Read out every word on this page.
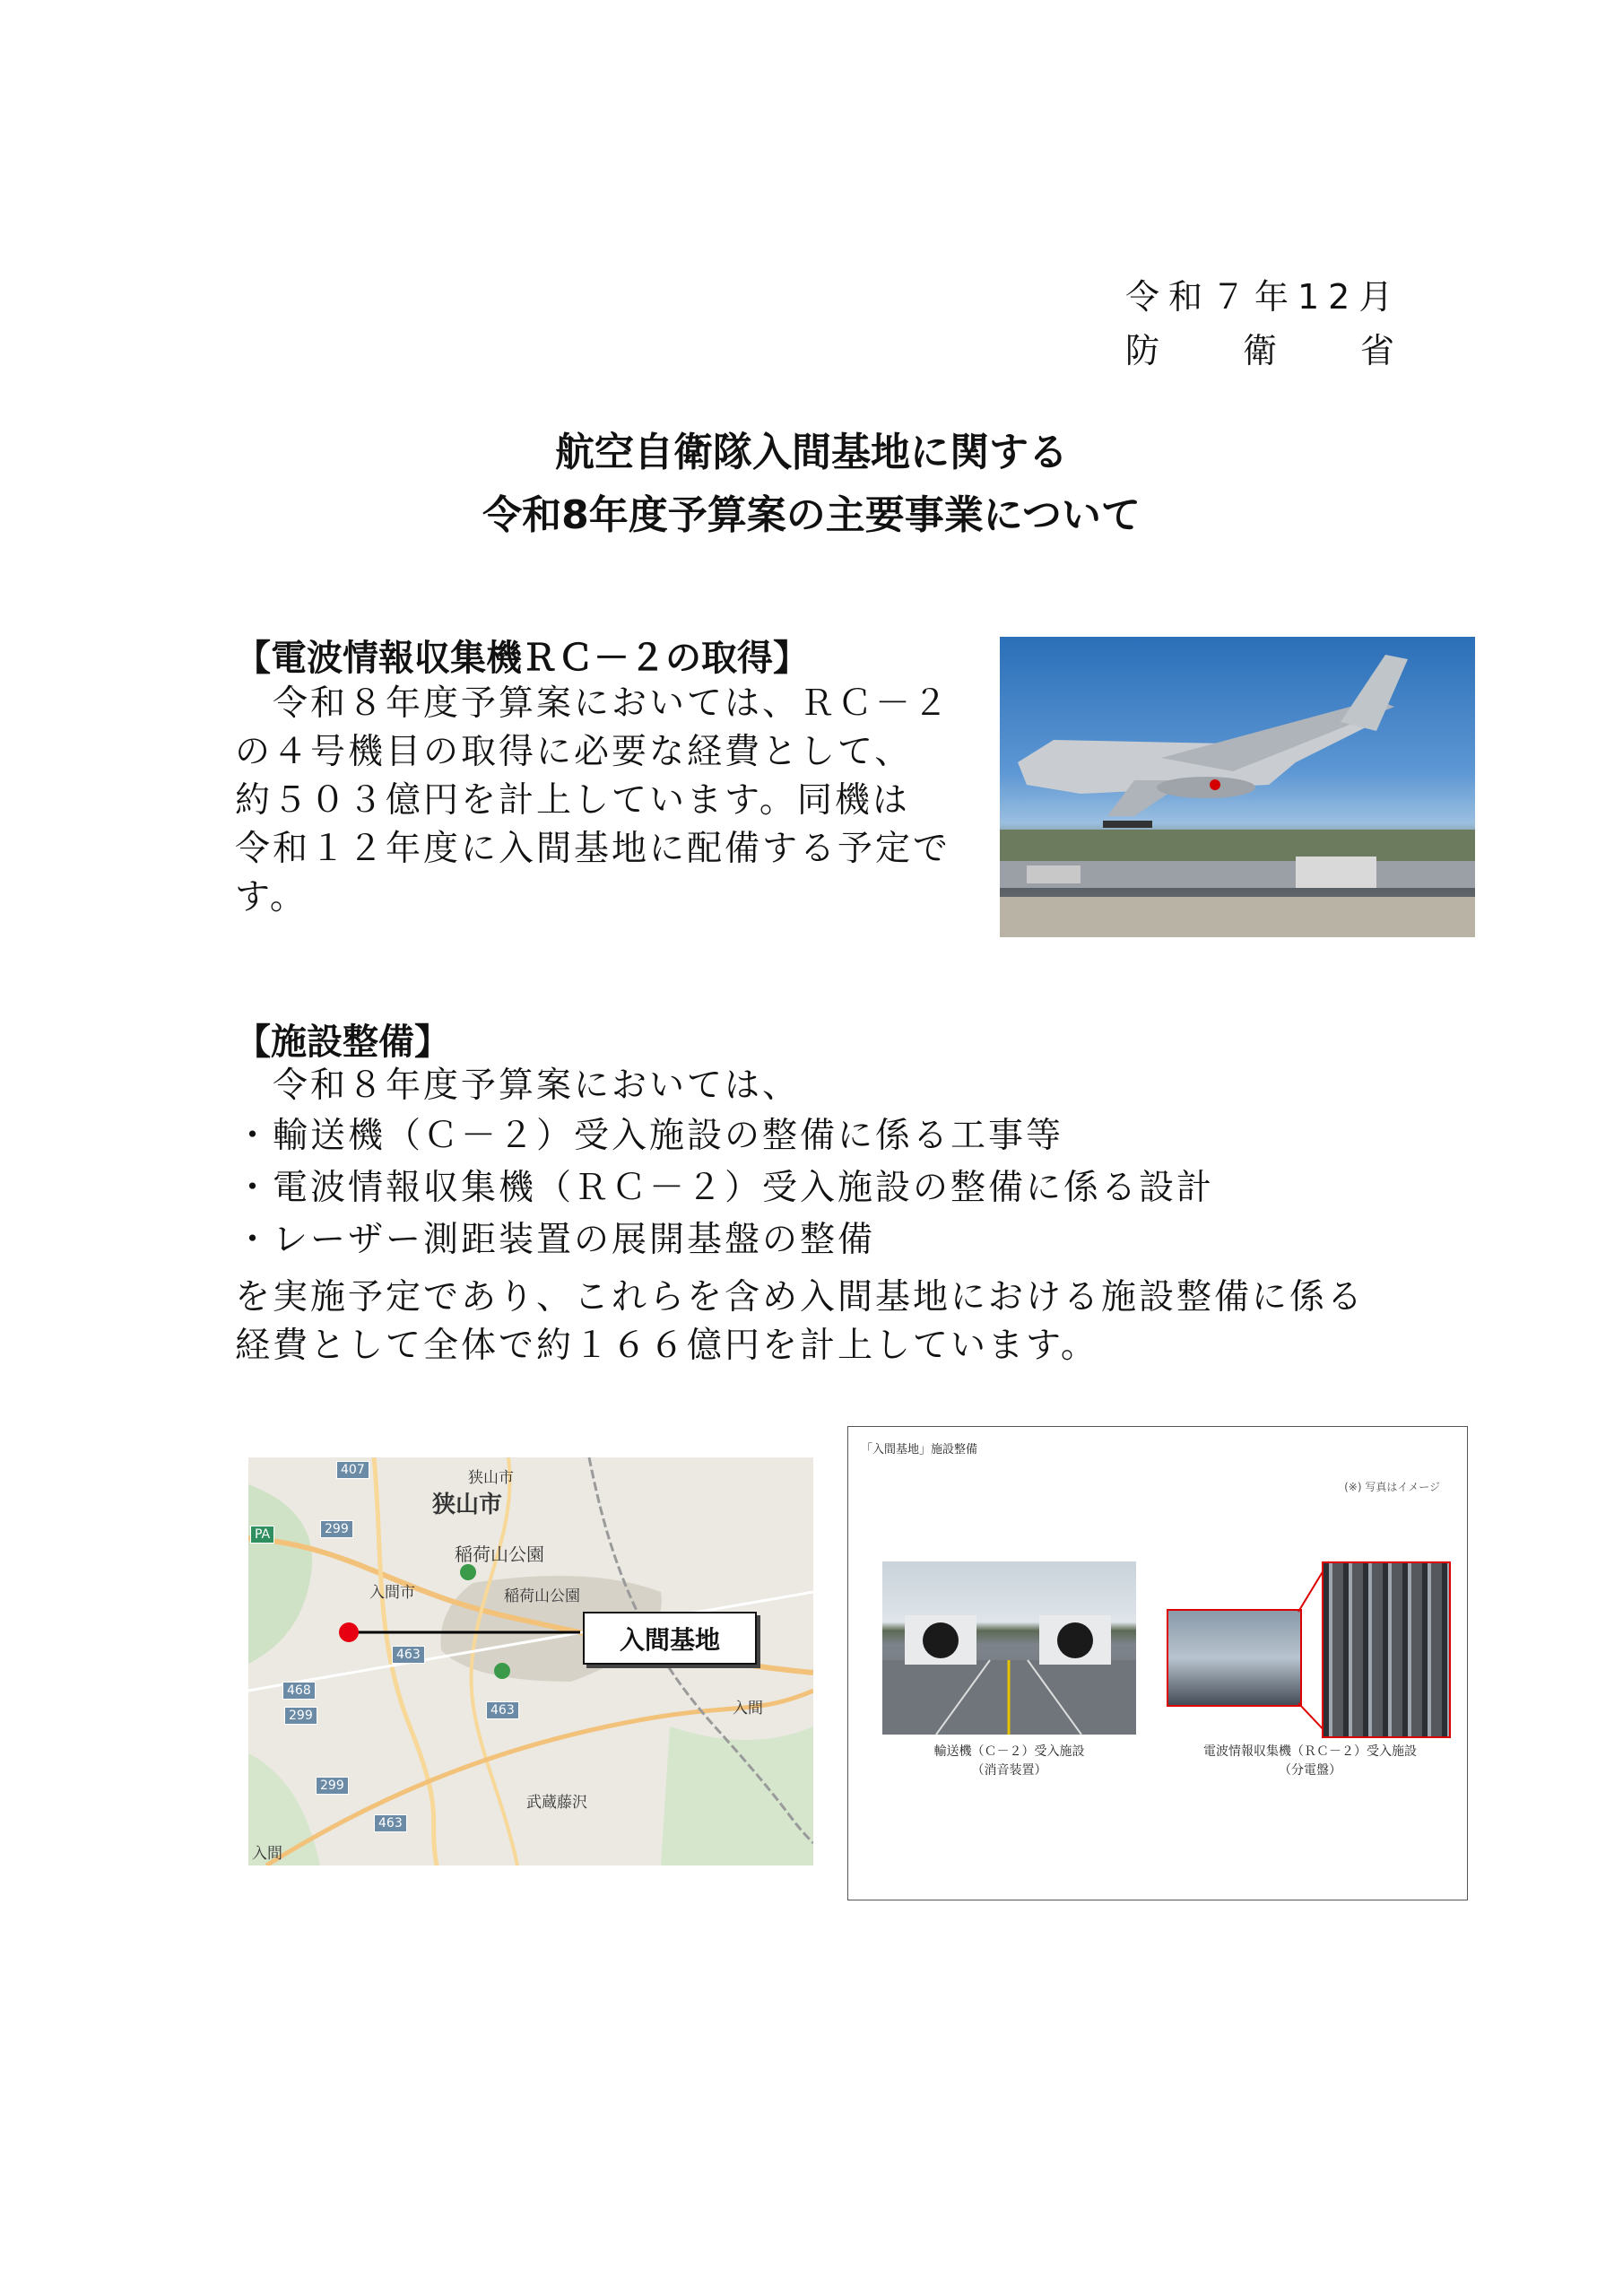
令和７年12月
防 衛 省
航空自衛隊入間基地に関する
令和8年度予算案の主要事業について
【電波情報収集機ＲＣ－２の取得】
　令和８年度予算案においては、ＲＣ－２
の４号機目の取得に必要な経費として、
約５０３億円を計上しています。同機は
令和１２年度に入間基地に配備する予定で
す。
【施設整備】
　令和８年度予算案においては、
・輸送機（Ｃ－２）受入施設の整備に係る工事等
・電波情報収集機（ＲＣ－２）受入施設の整備に係る設計
・レーザー測距装置の展開基盤の整備
を実施予定であり、これらを含め入間基地における施設整備に係る
経費として全体で約１６６億円を計上しています。
狭山市
狭山市
稲荷山公園
稲荷山公園
入間市
入間
武蔵藤沢
入間
PA
407
299
463
468
299	463
299
463
入間基地
「入間基地」施設整備
(※) 写真はイメージ
輸送機（Ｃ－２）受入施設
（消音装置）
電波情報収集機（ＲＣ－２）受入施設
（分電盤）
